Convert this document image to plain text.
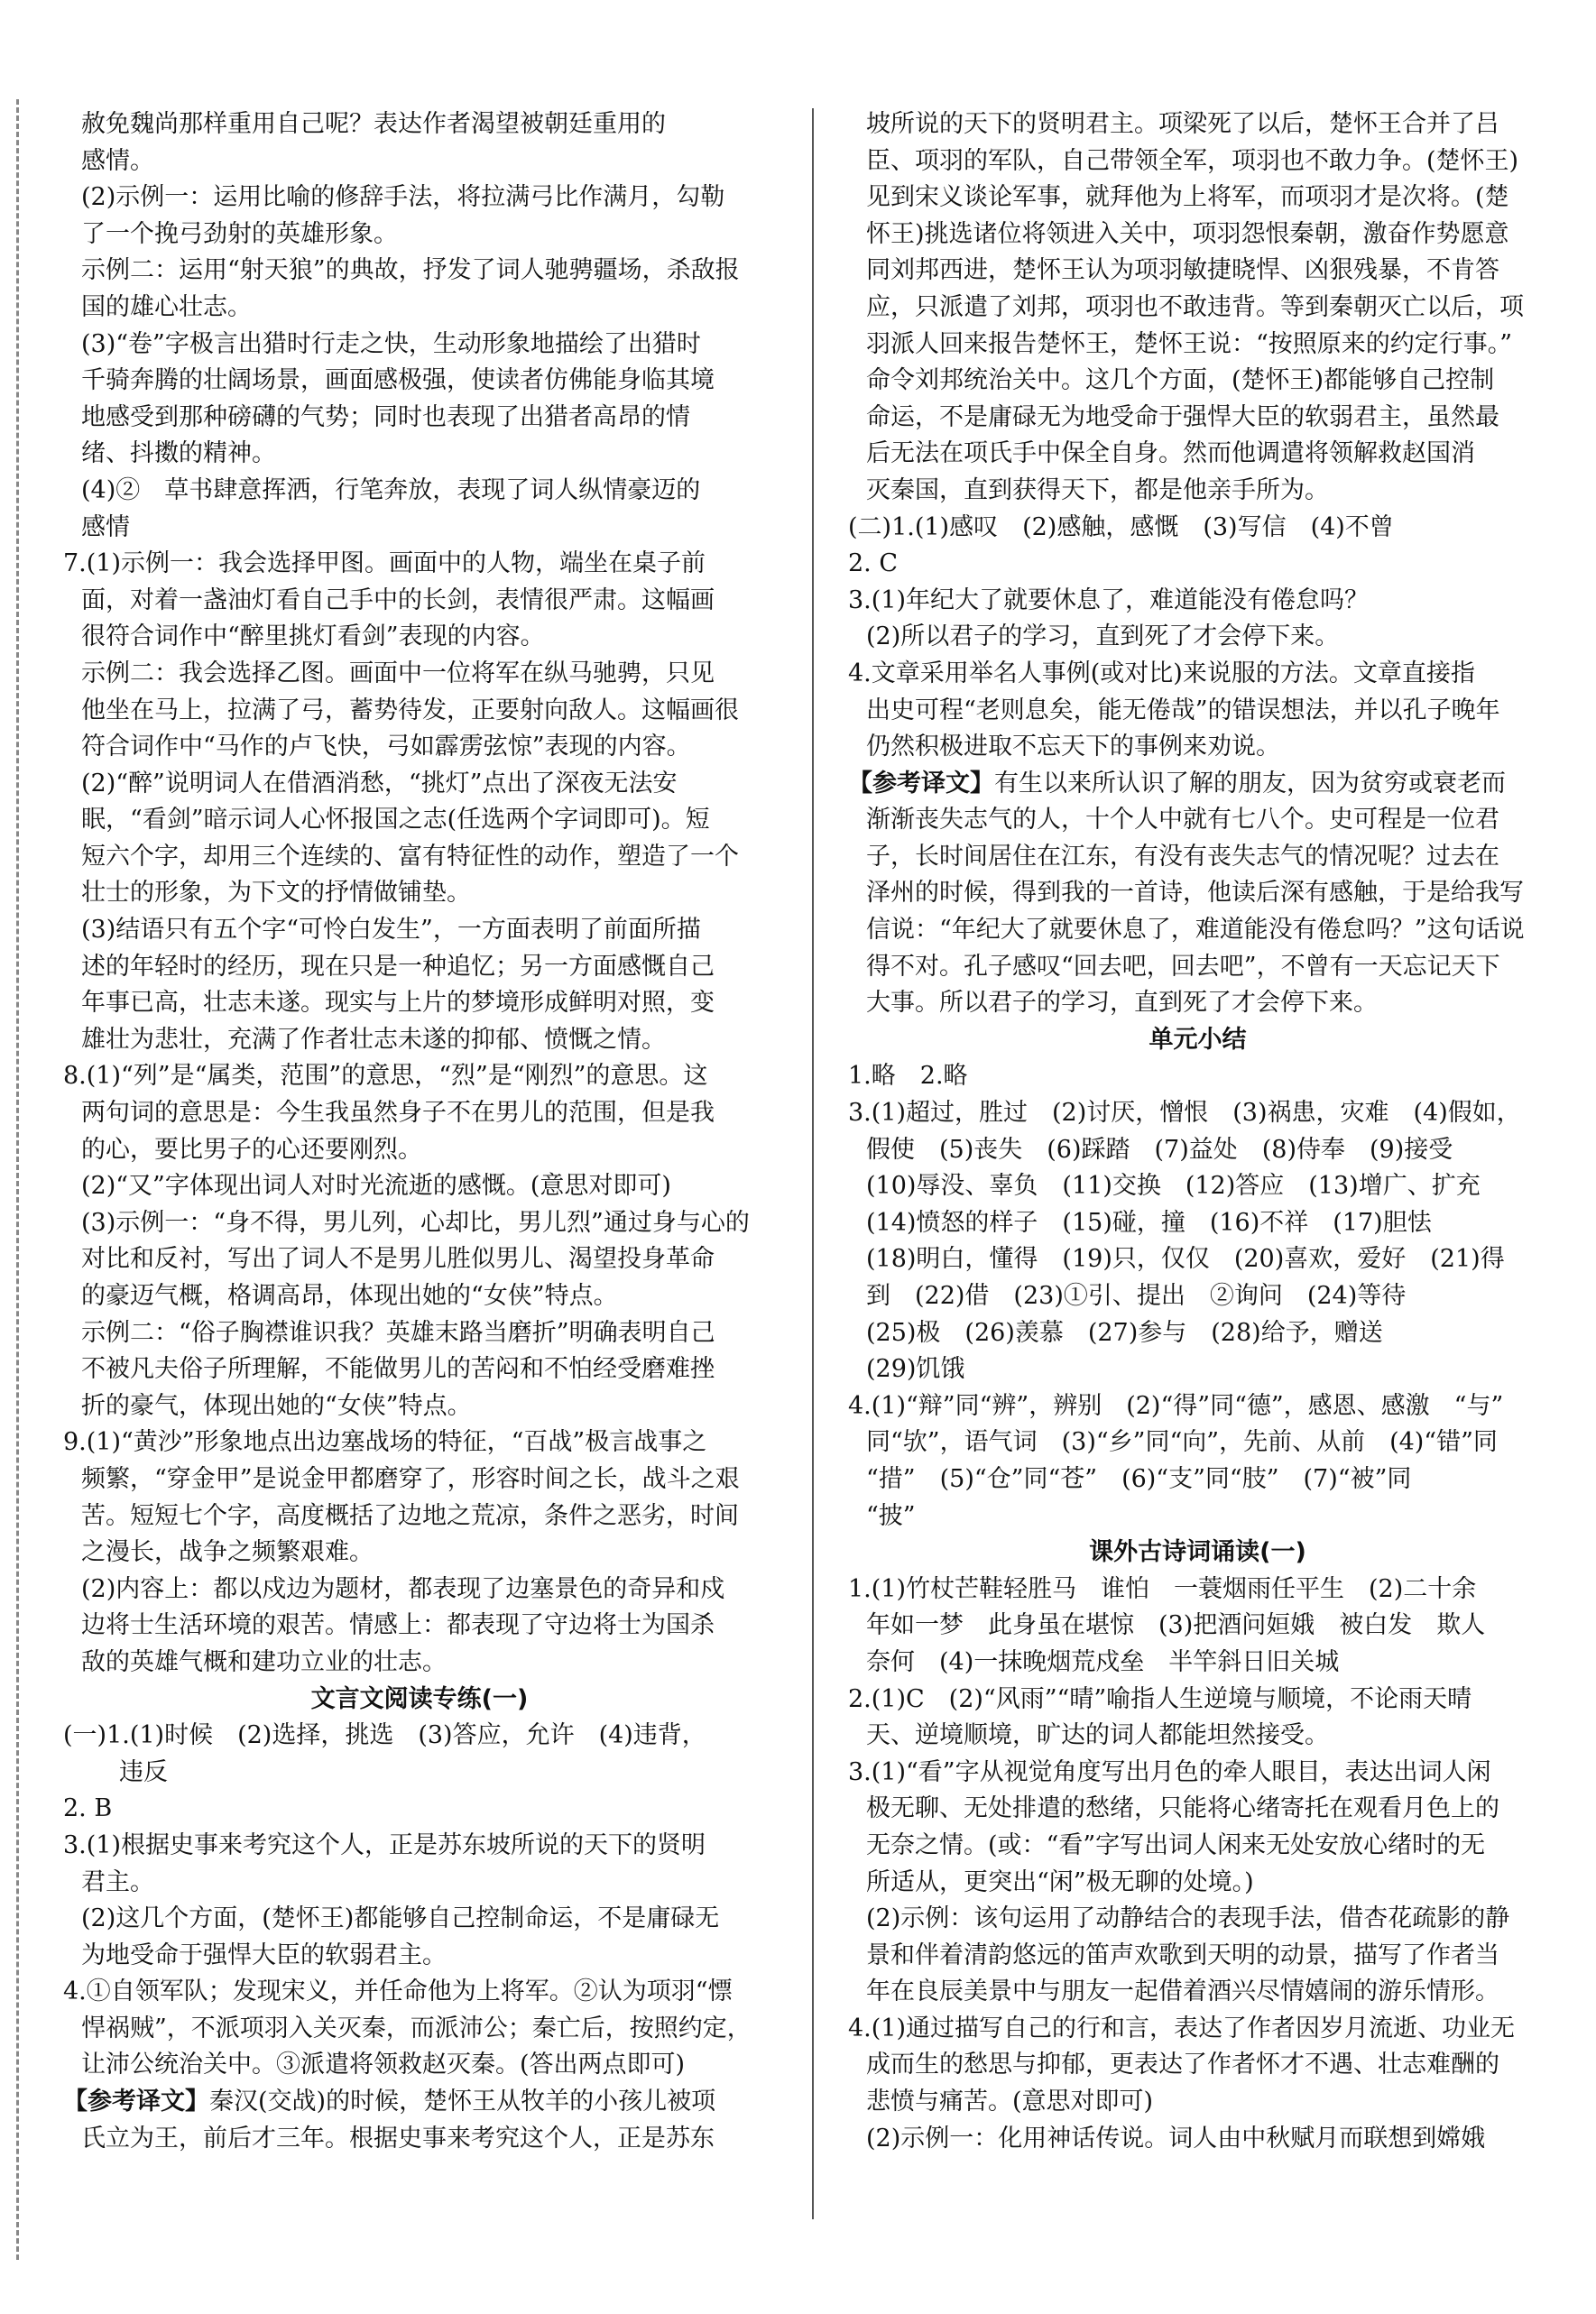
赦免魏尚那样重用自己呢？表达作者渴望被朝廷重用的
感情。
(2)示例一：运用比喻的修辞手法，将拉满弓比作满月，勾勒
了一个挽弓劲射的英雄形象。
示例二：运用“射天狼”的典故，抒发了词人驰骋疆场，杀敌报
国的雄心壮志。
(3)“卷”字极言出猎时行走之快，生动形象地描绘了出猎时
千骑奔腾的壮阔场景，画面感极强，使读者仿佛能身临其境
地感受到那种磅礴的气势；同时也表现了出猎者高昂的情
绪、抖擞的精神。
(4)②　草书肆意挥洒，行笔奔放，表现了词人纵情豪迈的
感情
7.(1)示例一：我会选择甲图。画面中的人物，端坐在桌子前
面，对着一盏油灯看自己手中的长剑，表情很严肃。这幅画
很符合词作中“醉里挑灯看剑”表现的内容。
示例二：我会选择乙图。画面中一位将军在纵马驰骋，只见
他坐在马上，拉满了弓，蓄势待发，正要射向敌人。这幅画很
符合词作中“马作的卢飞快，弓如霹雳弦惊”表现的内容。
(2)“醉”说明词人在借酒消愁，“挑灯”点出了深夜无法安
眠，“看剑”暗示词人心怀报国之志(任选两个字词即可)。短
短六个字，却用三个连续的、富有特征性的动作，塑造了一个
壮士的形象，为下文的抒情做铺垫。
(3)结语只有五个字“可怜白发生”，一方面表明了前面所描
述的年轻时的经历，现在只是一种追忆；另一方面感慨自己
年事已高，壮志未遂。现实与上片的梦境形成鲜明对照，变
雄壮为悲壮，充满了作者壮志未遂的抑郁、愤慨之情。
8.(1)“列”是“属类，范围”的意思，“烈”是“刚烈”的意思。这
两句词的意思是：今生我虽然身子不在男儿的范围，但是我
的心，要比男子的心还要刚烈。
(2)“又”字体现出词人对时光流逝的感慨。(意思对即可)
(3)示例一：“身不得，男儿列，心却比，男儿烈”通过身与心的
对比和反衬，写出了词人不是男儿胜似男儿、渴望投身革命
的豪迈气概，格调高昂，体现出她的“女侠”特点。
示例二：“俗子胸襟谁识我？英雄末路当磨折”明确表明自己
不被凡夫俗子所理解，不能做男儿的苦闷和不怕经受磨难挫
折的豪气，体现出她的“女侠”特点。
9.(1)“黄沙”形象地点出边塞战场的特征，“百战”极言战事之
频繁，“穿金甲”是说金甲都磨穿了，形容时间之长，战斗之艰
苦。短短七个字，高度概括了边地之荒凉，条件之恶劣，时间
之漫长，战争之频繁艰难。
(2)内容上：都以戍边为题材，都表现了边塞景色的奇异和戍
边将士生活环境的艰苦。情感上：都表现了守边将士为国杀
敌的英雄气概和建功立业的壮志。
文言文阅读专练(一)
(一)1.(1)时候　(2)选择，挑选　(3)答应，允许　(4)违背，
违反
2. B
3.(1)根据史事来考究这个人，正是苏东坡所说的天下的贤明
君主。
(2)这几个方面，(楚怀王)都能够自己控制命运，不是庸碌无
为地受命于强悍大臣的软弱君主。
4.①自领军队；发现宋义，并任命他为上将军。②认为项羽“慓
悍祸贼”，不派项羽入关灭秦，而派沛公；秦亡后，按照约定，
让沛公统治关中。③派遣将领救赵灭秦。(答出两点即可)
【参考译文】秦汉(交战)的时候，楚怀王从牧羊的小孩儿被项
氏立为王，前后才三年。根据史事来考究这个人，正是苏东
坡所说的天下的贤明君主。项梁死了以后，楚怀王合并了吕
臣、项羽的军队，自己带领全军，项羽也不敢力争。(楚怀王)
见到宋义谈论军事，就拜他为上将军，而项羽才是次将。(楚
怀王)挑选诸位将领进入关中，项羽怨恨秦朝，激奋作势愿意
同刘邦西进，楚怀王认为项羽敏捷晓悍、凶狠残暴，不肯答
应，只派遣了刘邦，项羽也不敢违背。等到秦朝灭亡以后，项
羽派人回来报告楚怀王，楚怀王说：“按照原来的约定行事。”
命令刘邦统治关中。这几个方面，(楚怀王)都能够自己控制
命运，不是庸碌无为地受命于强悍大臣的软弱君主，虽然最
后无法在项氏手中保全自身。然而他调遣将领解救赵国消
灭秦国，直到获得天下，都是他亲手所为。
(二)1.(1)感叹　(2)感触，感慨　(3)写信　(4)不曾
2. C
3.(1)年纪大了就要休息了，难道能没有倦怠吗？
(2)所以君子的学习，直到死了才会停下来。
4.文章采用举名人事例(或对比)来说服的方法。文章直接指
出史可程“老则息矣，能无倦哉”的错误想法，并以孔子晚年
仍然积极进取不忘天下的事例来劝说。
【参考译文】有生以来所认识了解的朋友，因为贫穷或衰老而
渐渐丧失志气的人，十个人中就有七八个。史可程是一位君
子，长时间居住在江东，有没有丧失志气的情况呢？过去在
泽州的时候，得到我的一首诗，他读后深有感触，于是给我写
信说：“年纪大了就要休息了，难道能没有倦怠吗？”这句话说
得不对。孔子感叹“回去吧，回去吧”，不曾有一天忘记天下
大事。所以君子的学习，直到死了才会停下来。
单元小结
1.略　2.略
3.(1)超过，胜过　(2)讨厌，憎恨　(3)祸患，灾难　(4)假如，
假使　(5)丧失　(6)踩踏　(7)益处　(8)侍奉　(9)接受
(10)辱没、辜负　(11)交换　(12)答应　(13)增广、扩充
(14)愤怒的样子　(15)碰，撞　(16)不祥　(17)胆怯
(18)明白，懂得　(19)只，仅仅　(20)喜欢，爱好　(21)得
到　(22)借　(23)①引、提出　②询问　(24)等待
(25)极　(26)羡慕　(27)参与　(28)给予，赠送
(29)饥饿
4.(1)“辩”同“辨”，辨别　(2)“得”同“德”，感恩、感激　“与”
同“欤”，语气词　(3)“乡”同“向”，先前、从前　(4)“错”同
“措”　(5)“仓”同“苍”　(6)“支”同“肢”　(7)“被”同
“披”
课外古诗词诵读(一)
1.(1)竹杖芒鞋轻胜马　谁怕　一蓑烟雨任平生　(2)二十余
年如一梦　此身虽在堪惊　(3)把酒问姮娥　被白发　欺人
奈何　(4)一抹晚烟荒戍垒　半竿斜日旧关城
2.(1)C　(2)“风雨”“晴”喻指人生逆境与顺境，不论雨天晴
天、逆境顺境，旷达的词人都能坦然接受。
3.(1)“看”字从视觉角度写出月色的牵人眼目，表达出词人闲
极无聊、无处排遣的愁绪，只能将心绪寄托在观看月色上的
无奈之情。(或：“看”字写出词人闲来无处安放心绪时的无
所适从，更突出“闲”极无聊的处境。)
(2)示例：该句运用了动静结合的表现手法，借杏花疏影的静
景和伴着清韵悠远的笛声欢歌到天明的动景，描写了作者当
年在良辰美景中与朋友一起借着酒兴尽情嬉闹的游乐情形。
4.(1)通过描写自己的行和言，表达了作者因岁月流逝、功业无
成而生的愁思与抑郁，更表达了作者怀才不遇、壮志难酬的
悲愤与痛苦。(意思对即可)
(2)示例一：化用神话传说。词人由中秋赋月而联想到嫦娥
